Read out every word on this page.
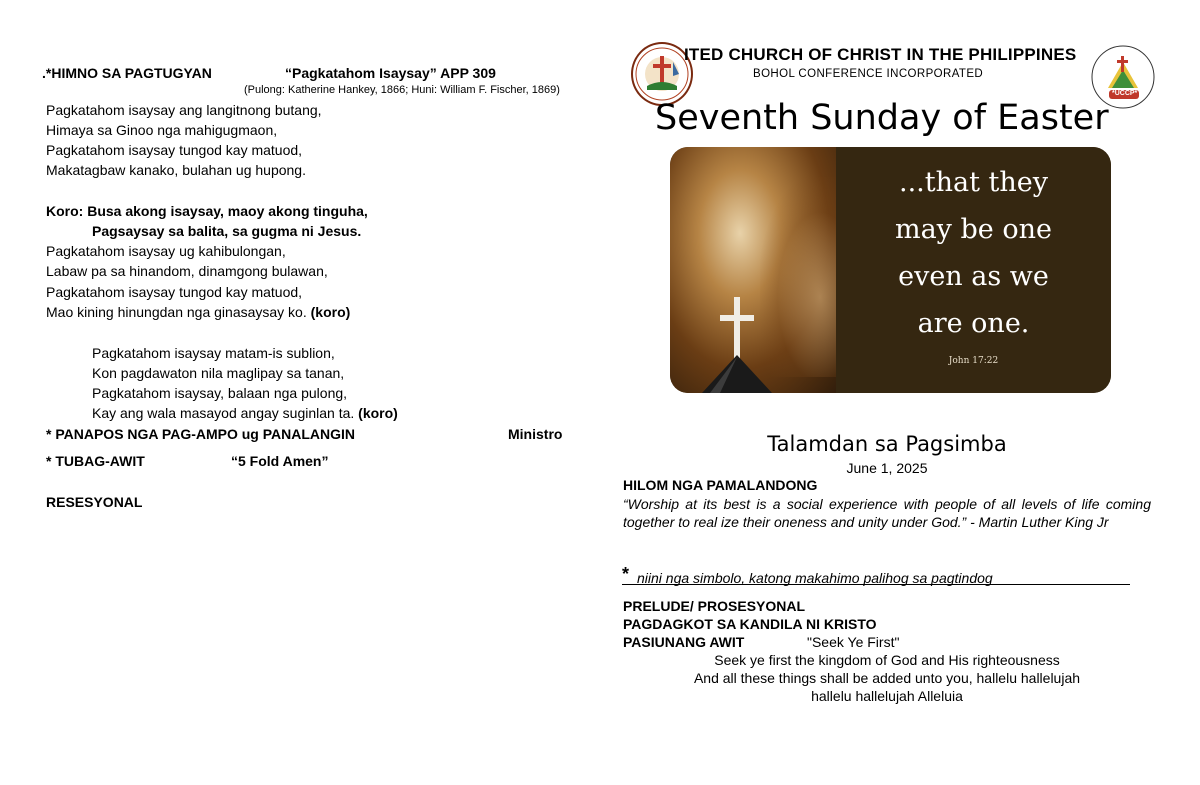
.*HIMNO SA PAGTUGYAN	“Pagkatahom Isaysay” APP 309
(Pulong: Katherine Hankey, 1866; Huni: William F. Fischer, 1869)
Pagkatahom isaysay ang langitnong butang,
Himaya sa Ginoo nga mahigugmaon,
Pagkatahom isaysay tungod kay matuod,
Makatagbaw kanako, bulahan ug hupong.
Koro: Busa akong isaysay, maoy akong tinguha,
Pagsaysay sa balita, sa gugma ni Jesus.
Pagkatahom isaysay ug kahibulongan,
Labaw pa sa hinandom, dinamgong bulawan,
Pagkatahom isaysay tungod kay matuod,
Mao kining hinungdan nga ginasaysay ko. (koro)
Pagkatahom isaysay matam-is sublion,
Kon pagdawaton nila maglipay sa tanan,
Pagkatahom isaysay, balaan nga pulong,
Kay ang wala masayod angay suginlan ta. (koro)
* PANAPOS NGA PAG-AMPO ug PANALANGIN	Ministro
* TUBAG-AWIT	“5 Fold Amen”
RESESYONAL
*UCCP*
ITED CHURCH OF CHRIST IN THE PHILIPPINES
BOHOL CONFERENCE INCORPORATED
Seventh Sunday of Easter
...that they
may be one
even as we
are one.
John 17:22
Talamdan sa Pagsimba
June 1, 2025
HILOM NGA PAMALANDONG
“Worship at its best is a social experience with people of all levels of life coming together to real ize their oneness and unity under God.” - Martin Luther King Jr
* niini nga simbolo, katong makahimo palihog sa pagtindog
PRELUDE/ PROSESYONAL
PAGDAGKOT SA KANDILA NI KRISTO
PASIUNANG AWIT	"Seek Ye First"
Seek ye first the kingdom of God and His righteousness
And all these things shall be added unto you, hallelu hallelujah
hallelu hallelujah Alleluia
